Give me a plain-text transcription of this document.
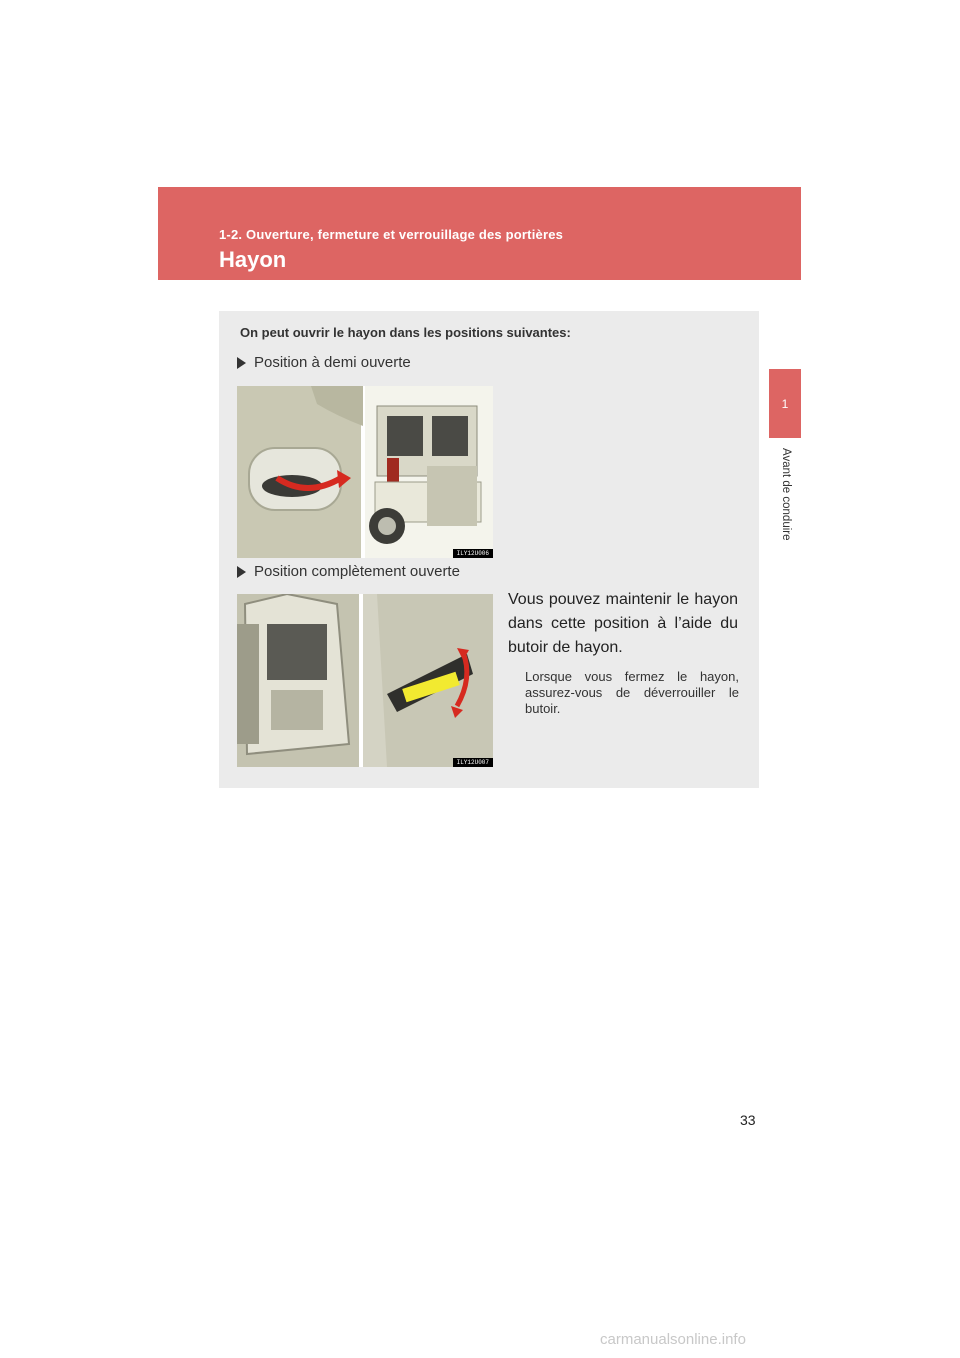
1-2. Ouverture, fermeture et verrouillage des portières
Hayon
1
Avant de conduire
On peut ouvrir le hayon dans les positions suivantes:
Position à demi ouverte
ILY12U006
Position complètement ouverte
ILY12U007
Vous pouvez maintenir le hayon dans cette position à l’aide du butoir de hayon.
Lorsque vous fermez le hayon, assurez-vous de déverrouiller le butoir.
33
carmanualsonline.info
